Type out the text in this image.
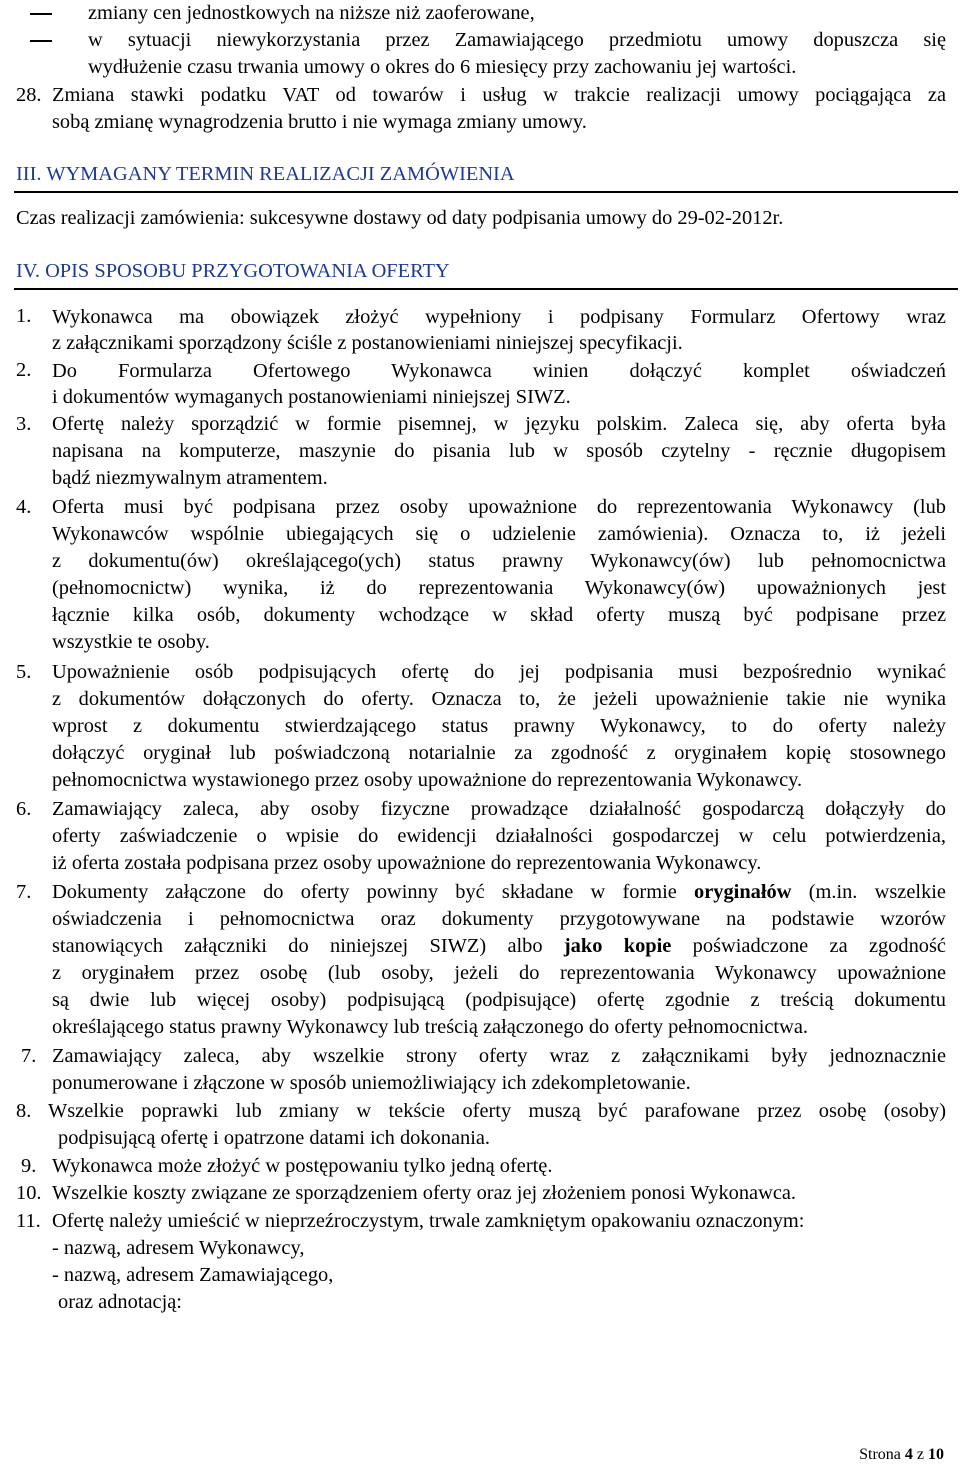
zmiany cen jednostkowych na niższe niż zaoferowane,

w sytuacji niewykorzystania przez Zamawiającego przedmiotu umowy dopuszcza się

wydłużenie czasu trwania umowy o okres do 6 miesięcy przy zachowaniu jej wartości.

28. Zmiana stawki podatku VAT od towarów i usług w trakcie realizacji umowy pociągająca za

sobą zmianę wynagrodzenia brutto i nie wymaga zmiany umowy.

III. WYMAGANY TERMIN REALIZACJI ZAMÓWIENIA

Czas realizacji zamówienia: sukcesywne dostawy od daty podpisania umowy do 29-02-2012r.

IV. OPIS SPOSOBU PRZYGOTOWANIA OFERTY

1. Wykonawca ma obowiązek złożyć wypełniony i podpisany Formularz Ofertowy wraz

z załącznikami sporządzony ściśle z postanowieniami niniejszej specyfikacji.

2. Do Formularza Ofertowego Wykonawca winien dołączyć komplet oświadczeń

i dokumentów wymaganych postanowieniami niniejszej SIWZ.

3. Ofertę należy sporządzić w formie pisemnej, w języku polskim. Zaleca się, aby oferta była

napisana na komputerze, maszynie do pisania lub w sposób czytelny - ręcznie długopisem

bądź niezmywalnym atramentem.

4. Oferta musi być podpisana przez osoby upoważnione do reprezentowania Wykonawcy (lub

Wykonawców wspólnie ubiegających się o udzielenie zamówienia). Oznacza to, iż jeżeli

z dokumentu(ów) określającego(ych) status prawny Wykonawcy(ów) lub pełnomocnictwa

(pełnomocnictw) wynika, iż do reprezentowania Wykonawcy(ów) upoważnionych jest

łącznie kilka osób, dokumenty wchodzące w skład oferty muszą być podpisane przez

wszystkie te osoby.

5. Upoważnienie osób podpisujących ofertę do jej podpisania musi bezpośrednio wynikać

z dokumentów dołączonych do oferty. Oznacza to, że jeżeli upoważnienie takie nie wynika

wprost z dokumentu stwierdzającego status prawny Wykonawcy, to do oferty należy

dołączyć oryginał lub poświadczoną notarialnie za zgodność z oryginałem kopię stosownego

pełnomocnictwa wystawionego przez osoby upoważnione do reprezentowania Wykonawcy.

6. Zamawiający zaleca, aby osoby fizyczne prowadzące działalność gospodarczą dołączyły do

oferty zaświadczenie o wpisie do ewidencji działalności gospodarczej w celu potwierdzenia,

iż oferta została podpisana przez osoby upoważnione do reprezentowania Wykonawcy.

7. Dokumenty załączone do oferty powinny być składane w formie oryginałów (m.in. wszelkie

oświadczenia i pełnomocnictwa oraz dokumenty przygotowywane na podstawie wzorów

stanowiących załączniki do niniejszej SIWZ) albo jako kopie poświadczone za zgodność

z oryginałem przez osobę (lub osoby, jeżeli do reprezentowania Wykonawcy upoważnione

są dwie lub więcej osoby) podpisującą (podpisujące) ofertę zgodnie z treścią dokumentu

określającego status prawny Wykonawcy lub treścią załączonego do oferty pełnomocnictwa.

7. Zamawiający zaleca, aby wszelkie strony oferty wraz z załącznikami były jednoznacznie

ponumerowane i złączone w sposób uniemożliwiający ich zdekompletowanie.

8. Wszelkie poprawki lub zmiany w tekście oferty muszą być parafowane przez osobę (osoby)

podpisującą ofertę i opatrzone datami ich dokonania.

9. Wykonawca może złożyć w postępowaniu tylko jedną ofertę.

10. Wszelkie koszty związane ze sporządzeniem oferty oraz jej złożeniem ponosi Wykonawca.

11. Ofertę należy umieścić w nieprzeźroczystym, trwale zamkniętym opakowaniu oznaczonym:

- nazwą, adresem Wykonawcy,

- nazwą, adresem Zamawiającego,

oraz adnotacją:

Strona 4 z 10
